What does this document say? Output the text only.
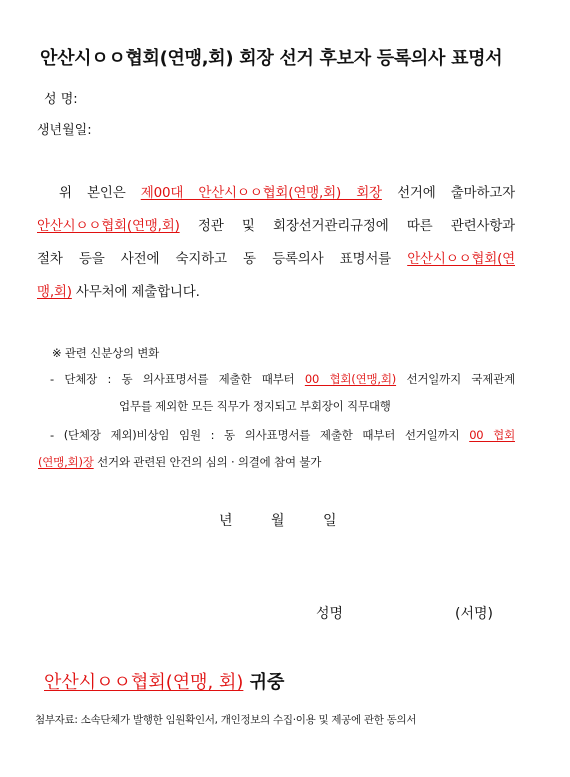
안산시ㅇㅇ협회(연맹,회) 회장 선거 후보자 등록의사 표명서
성 명:
생년월일:
위 본인은 제00대 안산시ㅇㅇ협회(연맹,회) 회장 선거에 출마하고자
안산시ㅇㅇ협회(연맹,회) 정관 및 회장선거관리규정에 따른 관련사항과
절차 등을 사전에 숙지하고 동 등록의사 표명서를 안산시ㅇㅇ협회(연
맹,회) 사무처에 제출합니다.
※ 관련 신분상의 변화
- 단체장 : 동 의사표명서를 제출한 때부터 00 협회(연맹,회) 선거일까지 국제관계
업무를 제외한 모든 직무가 정지되고 부회장이 직무대행
- (단체장 제외)비상임 임원 : 동 의사표명서를 제출한 때부터 선거일까지 00 협회
(연맹,회)장 선거와 관련된 안건의 심의 · 의결에 참여 불가
년	월	일
성명	(서명)
안산시ㅇㅇ협회(연맹, 회) 귀중
첨부자료: 소속단체가 발행한 임원확인서, 개인정보의 수집·이용 및 제공에 관한 동의서
